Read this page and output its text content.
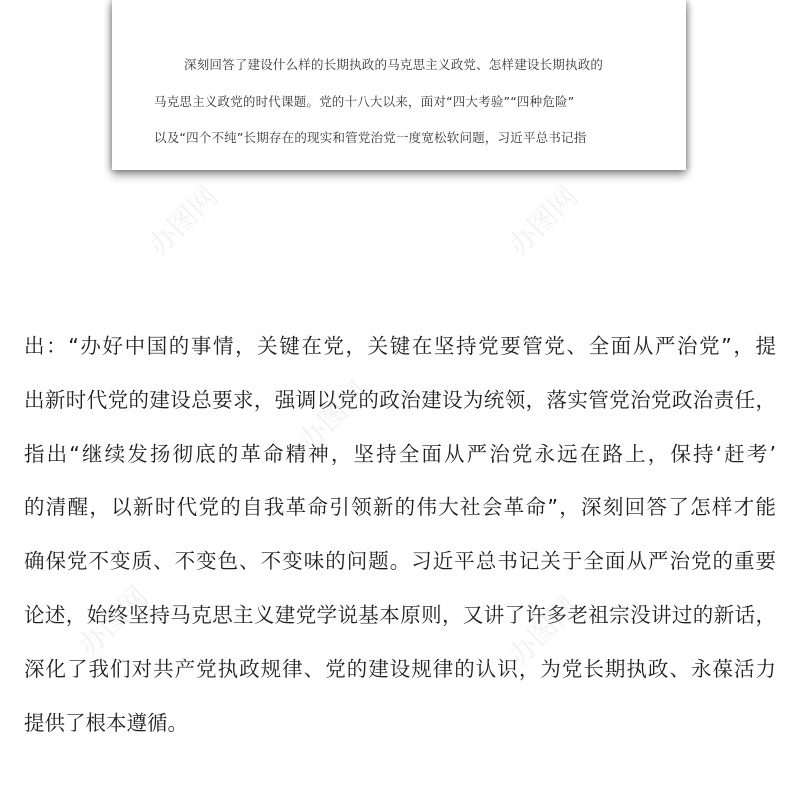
深刻回答了建设什么样的长期执政的马克思主义政党、怎样建设长期执政的
马克思主义政党的时代课题。党的十八大以来，面对“四大考验”“四种危险”
以及“四个不纯”长期存在的现实和管党治党一度宽松软问题，习近平总书记指
出：“办好中国的事情，关键在党，关键在坚持党要管党、全面从严治党”，提
出新时代党的建设总要求，强调以党的政治建设为统领，落实管党治党政治责任，
指出“继续发扬彻底的革命精神，坚持全面从严治党永远在路上，保持‘赶考’
的清醒，以新时代党的自我革命引领新的伟大社会革命”，深刻回答了怎样才能
确保党不变质、不变色、不变味的问题。习近平总书记关于全面从严治党的重要
论述，始终坚持马克思主义建党学说基本原则，又讲了许多老祖宗没讲过的新话，
深化了我们对共产党执政规律、党的建设规律的认识，为党长期执政、永葆活力
提供了根本遵循。
办图网	办图网
办图网
办图网	办图网
